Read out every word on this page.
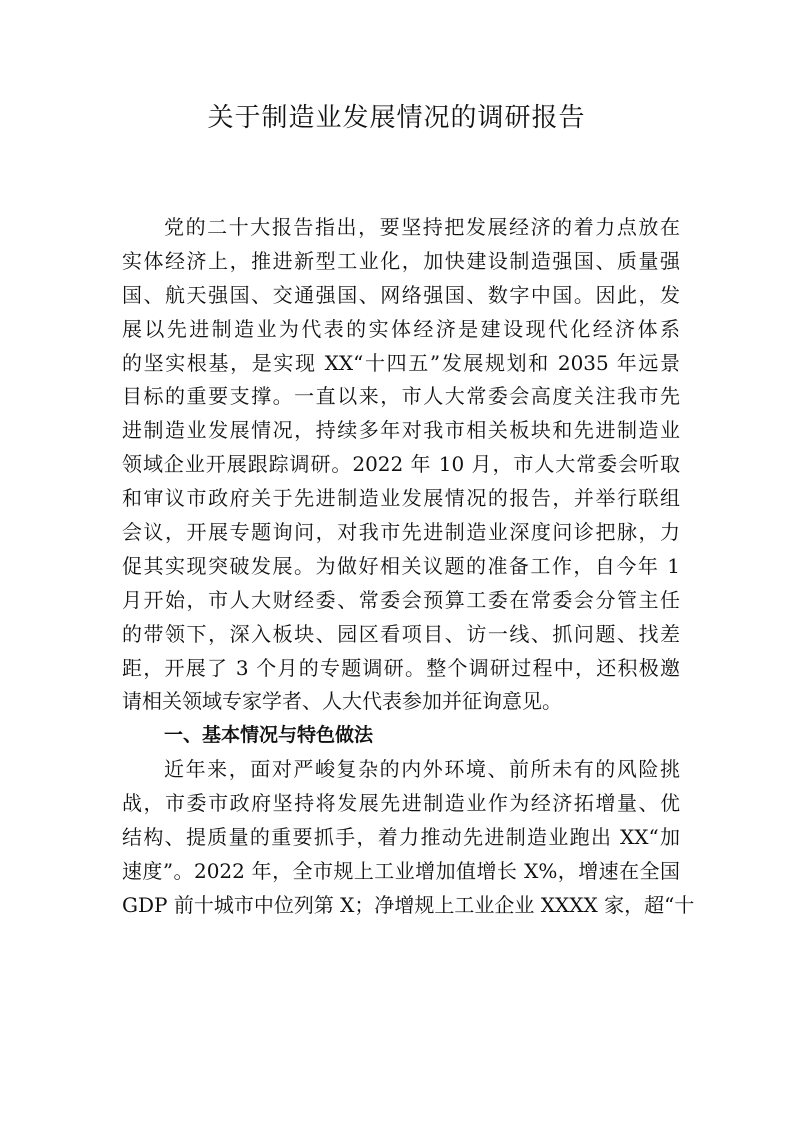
关于制造业发展情况的调研报告
党的二十大报告指出，要坚持把发展经济的着力点放在
实体经济上，推进新型工业化，加快建设制造强国、质量强
国、航天强国、交通强国、网络强国、数字中国。因此，发
展以先进制造业为代表的实体经济是建设现代化经济体系
的坚实根基，是实现 XX“十四五”发展规划和 2035 年远景
目标的重要支撑。一直以来，市人大常委会高度关注我市先
进制造业发展情况，持续多年对我市相关板块和先进制造业
领域企业开展跟踪调研。2022 年 10 月，市人大常委会听取
和审议市政府关于先进制造业发展情况的报告，并举行联组
会议，开展专题询问，对我市先进制造业深度问诊把脉，力
促其实现突破发展。为做好相关议题的准备工作，自今年 1
月开始，市人大财经委、常委会预算工委在常委会分管主任
的带领下，深入板块、园区看项目、访一线、抓问题、找差
距，开展了 3 个月的专题调研。整个调研过程中，还积极邀
请相关领域专家学者、人大代表参加并征询意见。
一、基本情况与特色做法
近年来，面对严峻复杂的内外环境、前所未有的风险挑
战，市委市政府坚持将发展先进制造业作为经济拓增量、优
结构、提质量的重要抓手，着力推动先进制造业跑出 XX“加
速度”。2022 年，全市规上工业增加值增长 X%，增速在全国
GDP 前十城市中位列第 X；净增规上工业企业 XXXX 家，超“十
